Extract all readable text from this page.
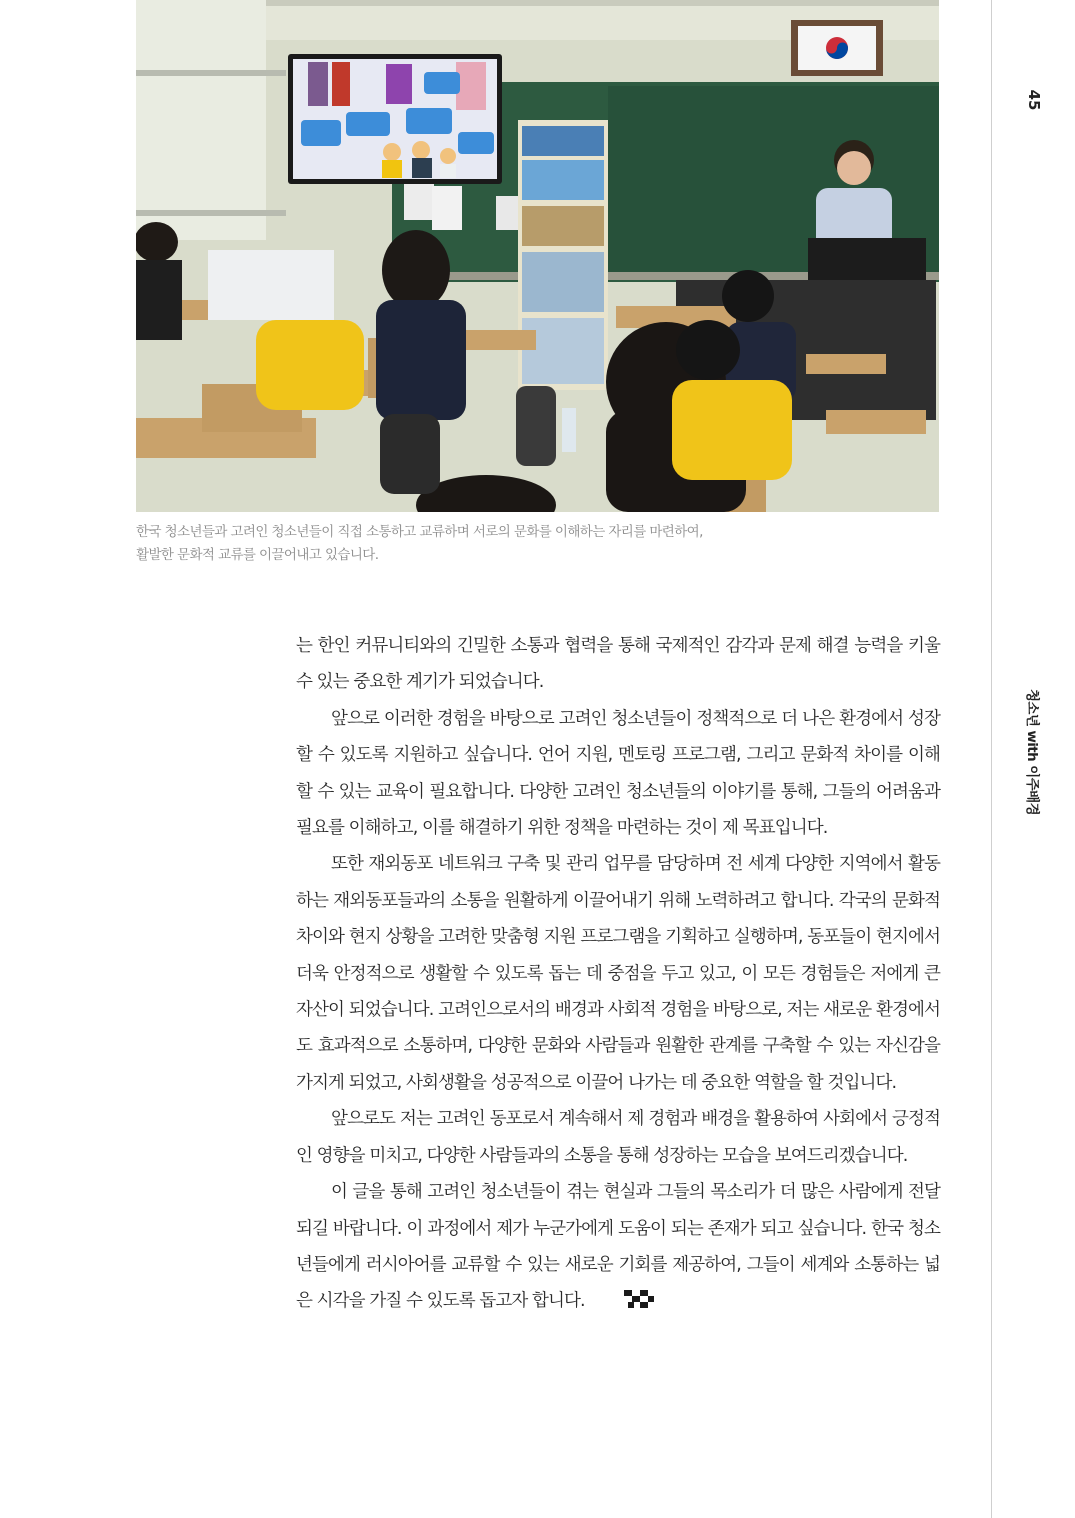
한국 청소년들과 고려인 청소년들이 직접 소통하고 교류하며 서로의 문화를 이해하는 자리를 마련하여,
활발한 문화적 교류를 이끌어내고 있습니다.

는 한인 커뮤니티와의 긴밀한 소통과 협력을 통해 국제적인 감각과 문제 해결 능력을 키울 수 있는 중요한 계기가 되었습니다.

앞으로 이러한 경험을 바탕으로 고려인 청소년들이 정책적으로 더 나은 환경에서 성장할 수 있도록 지원하고 싶습니다. 언어 지원, 멘토링 프로그램, 그리고 문화적 차이를 이해할 수 있는 교육이 필요합니다. 다양한 고려인 청소년들의 이야기를 통해, 그들의 어려움과 필요를 이해하고, 이를 해결하기 위한 정책을 마련하는 것이 제 목표입니다.

또한 재외동포 네트워크 구축 및 관리 업무를 담당하며 전 세계 다양한 지역에서 활동하는 재외동포들과의 소통을 원활하게 이끌어내기 위해 노력하려고 합니다. 각국의 문화적 차이와 현지 상황을 고려한 맞춤형 지원 프로그램을 기획하고 실행하며, 동포들이 현지에서 더욱 안정적으로 생활할 수 있도록 돕는 데 중점을 두고 있고, 이 모든 경험들은 저에게 큰 자산이 되었습니다. 고려인으로서의 배경과 사회적 경험을 바탕으로, 저는 새로운 환경에서도 효과적으로 소통하며, 다양한 문화와 사람들과 원활한 관계를 구축할 수 있는 자신감을 가지게 되었고, 사회생활을 성공적으로 이끌어 나가는 데 중요한 역할을 할 것입니다.

앞으로도 저는 고려인 동포로서 계속해서 제 경험과 배경을 활용하여 사회에서 긍정적인 영향을 미치고, 다양한 사람들과의 소통을 통해 성장하는 모습을 보여드리겠습니다.

이 글을 통해 고려인 청소년들이 겪는 현실과 그들의 목소리가 더 많은 사람에게 전달되길 바랍니다. 이 과정에서 제가 누군가에게 도움이 되는 존재가 되고 싶습니다. 한국 청소년들에게 러시아어를 교류할 수 있는 새로운 기회를 제공하여, 그들이 세계와 소통하는 넓은 시각을 가질 수 있도록 돕고자 합니다.

45
청소년 with 이주배경
